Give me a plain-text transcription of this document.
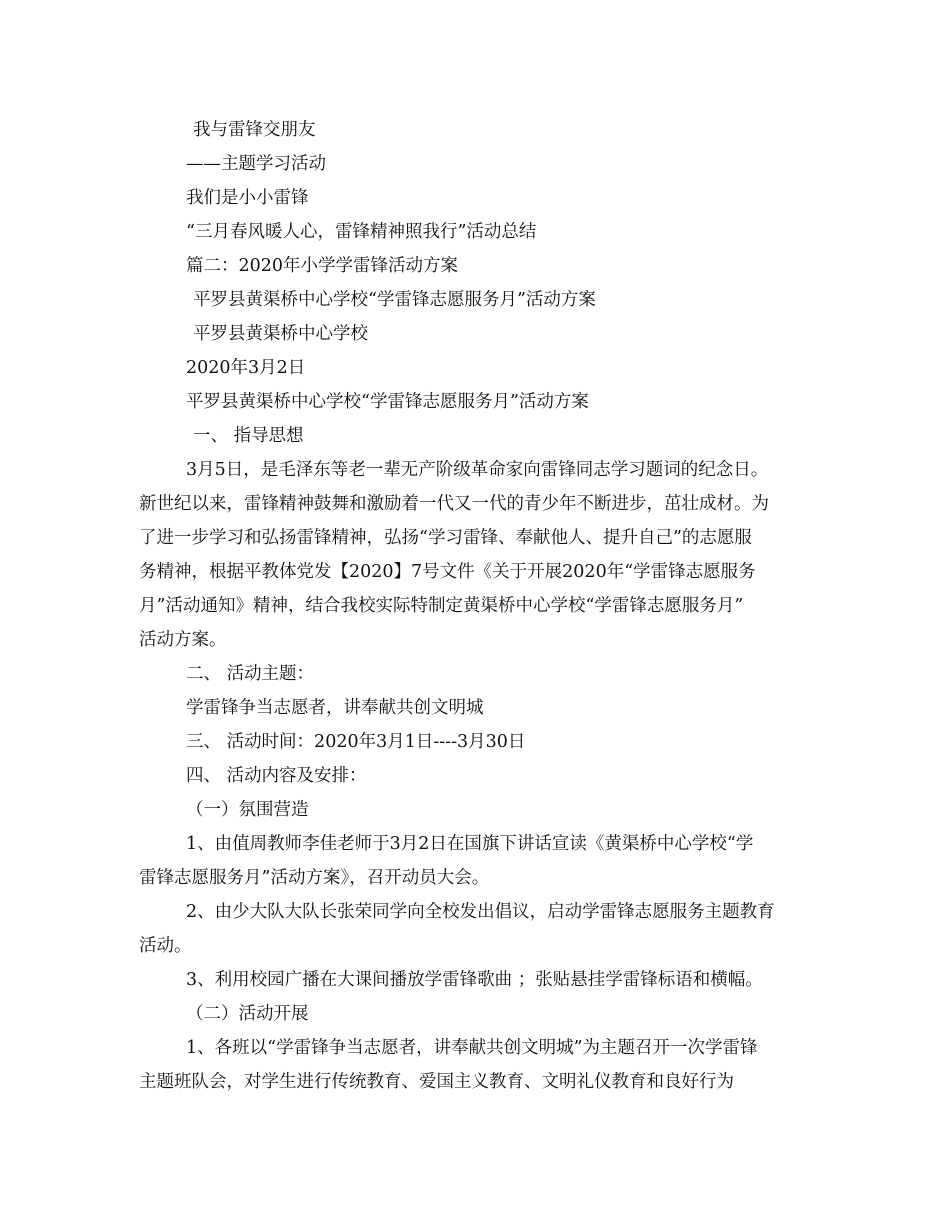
我与雷锋交朋友

——主题学习活动

我们是小小雷锋

“三月春风暖人心，雷锋精神照我行”活动总结

篇二：2020年小学学雷锋活动方案

平罗县黄渠桥中心学校“学雷锋志愿服务月”活动方案

平罗县黄渠桥中心学校

2020年3月2日

平罗县黄渠桥中心学校“学雷锋志愿服务月”活动方案

一、 指导思想

3月5日，是毛泽东等老一辈无产阶级革命家向雷锋同志学习题词的纪念日。

新世纪以来，雷锋精神鼓舞和激励着一代又一代的青少年不断进步，茁壮成材。为

了进一步学习和弘扬雷锋精神，弘扬“学习雷锋、奉献他人、提升自己”的志愿服

务精神，根据平教体党发【2020】7号文件《关于开展2020年“学雷锋志愿服务

月”活动通知》精神，结合我校实际特制定黄渠桥中心学校“学雷锋志愿服务月”

活动方案。

二、 活动主题：

学雷锋争当志愿者，讲奉献共创文明城

三、 活动时间：2020年3月1日----3月30日

四、 活动内容及安排：

（一）氛围营造

1、由值周教师李佳老师于3月2日在国旗下讲话宣读《黄渠桥中心学校“学

雷锋志愿服务月”活动方案》，召开动员大会。

2、由少大队大队长张荣同学向全校发出倡议，启动学雷锋志愿服务主题教育

活动。

3、利用校园广播在大课间播放学雷锋歌曲 ；张贴悬挂学雷锋标语和横幅。

（二）活动开展

1、各班以“学雷锋争当志愿者，讲奉献共创文明城”为主题召开一次学雷锋

主题班队会，对学生进行传统教育、爱国主义教育、文明礼仪教育和良好行为
